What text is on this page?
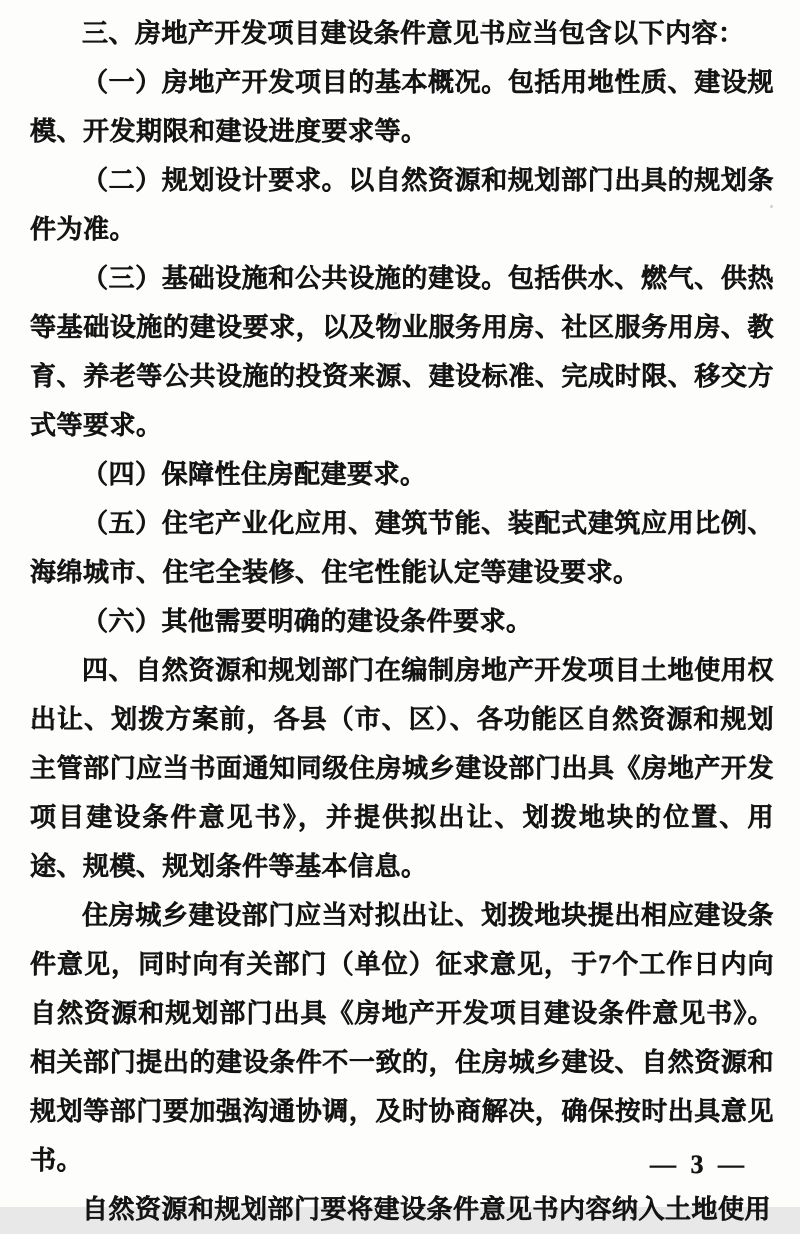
三、房地产开发项目建设条件意见书应当包含以下内容：

（一）房地产开发项目的基本概况。包括用地性质、建设规模、开发期限和建设进度要求等。

（二）规划设计要求。以自然资源和规划部门出具的规划条件为准。

（三）基础设施和公共设施的建设。包括供水、燃气、供热等基础设施的建设要求，以及物业服务用房、社区服务用房、教育、养老等公共设施的投资来源、建设标准、完成时限、移交方式等要求。

（四）保障性住房配建要求。

（五）住宅产业化应用、建筑节能、装配式建筑应用比例、海绵城市、住宅全装修、住宅性能认定等建设要求。

（六）其他需要明确的建设条件要求。

四、自然资源和规划部门在编制房地产开发项目土地使用权出让、划拨方案前，各县（市、区）、各功能区自然资源和规划主管部门应当书面通知同级住房城乡建设部门出具《房地产开发项目建设条件意见书》，并提供拟出让、划拨地块的位置、用途、规模、规划条件等基本信息。

住房城乡建设部门应当对拟出让、划拨地块提出相应建设条件意见，同时向有关部门（单位）征求意见，于7个工作日内向自然资源和规划部门出具《房地产开发项目建设条件意见书》。相关部门提出的建设条件不一致的，住房城乡建设、自然资源和规划等部门要加强沟通协调，及时协商解决，确保按时出具意见书。

自然资源和规划部门要将建设条件意见书内容纳入土地使用

— 3 —
